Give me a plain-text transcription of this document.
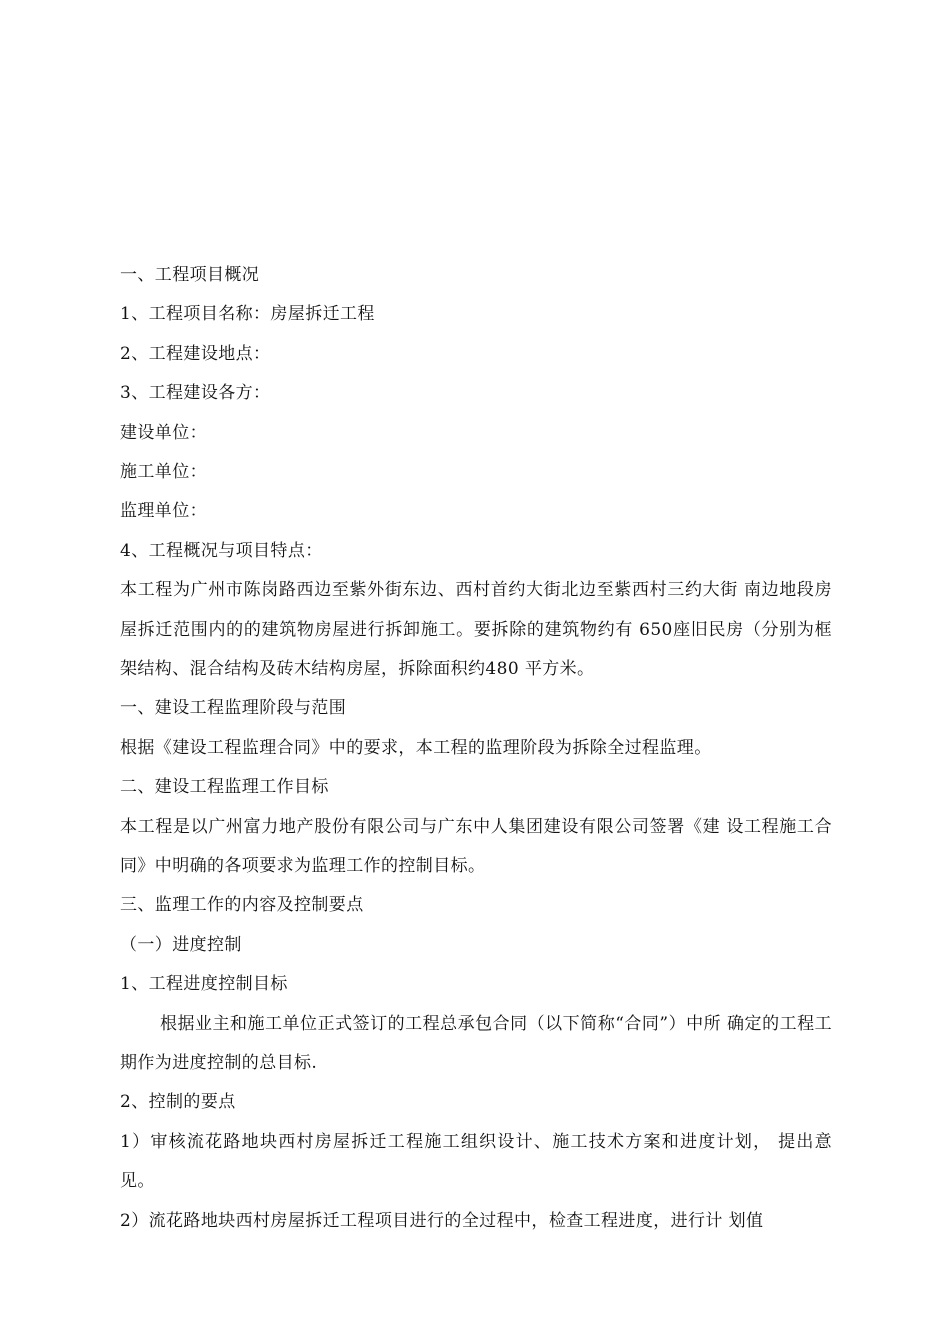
一、工程项目概况
1、工程项目名称：房屋拆迁工程
2、工程建设地点：
3、工程建设各方：
建设单位：
施工单位：
监理单位：
4、工程概况与项目特点：
本工程为广州市陈岗路西边至紫外街东边、西村首约大街北边至紫西村三约大街 南边地段房屋拆迁范围内的的建筑物房屋进行拆卸施工。要拆除的建筑物约有 650座旧民房（分别为框架结构、混合结构及砖木结构房屋，拆除面积约480 平方米。
一、建设工程监理阶段与范围
根据《建设工程监理合同》中的要求，本工程的监理阶段为拆除全过程监理。
二、建设工程监理工作目标
本工程是以广州富力地产股份有限公司与广东中人集团建设有限公司签署《建 设工程施工合同》中明确的各项要求为监理工作的控制目标。
三、监理工作的内容及控制要点
（一）进度控制
1、工程进度控制目标
根据业主和施工单位正式签订的工程总承包合同（以下简称“合同”）中所 确定的工程工期作为进度控制的总目标.
2、控制的要点
1）审核流花路地块西村房屋拆迁工程施工组织设计、施工技术方案和进度计划， 提出意见。
2）流花路地块西村房屋拆迁工程项目进行的全过程中，检查工程进度，进行计 划值
